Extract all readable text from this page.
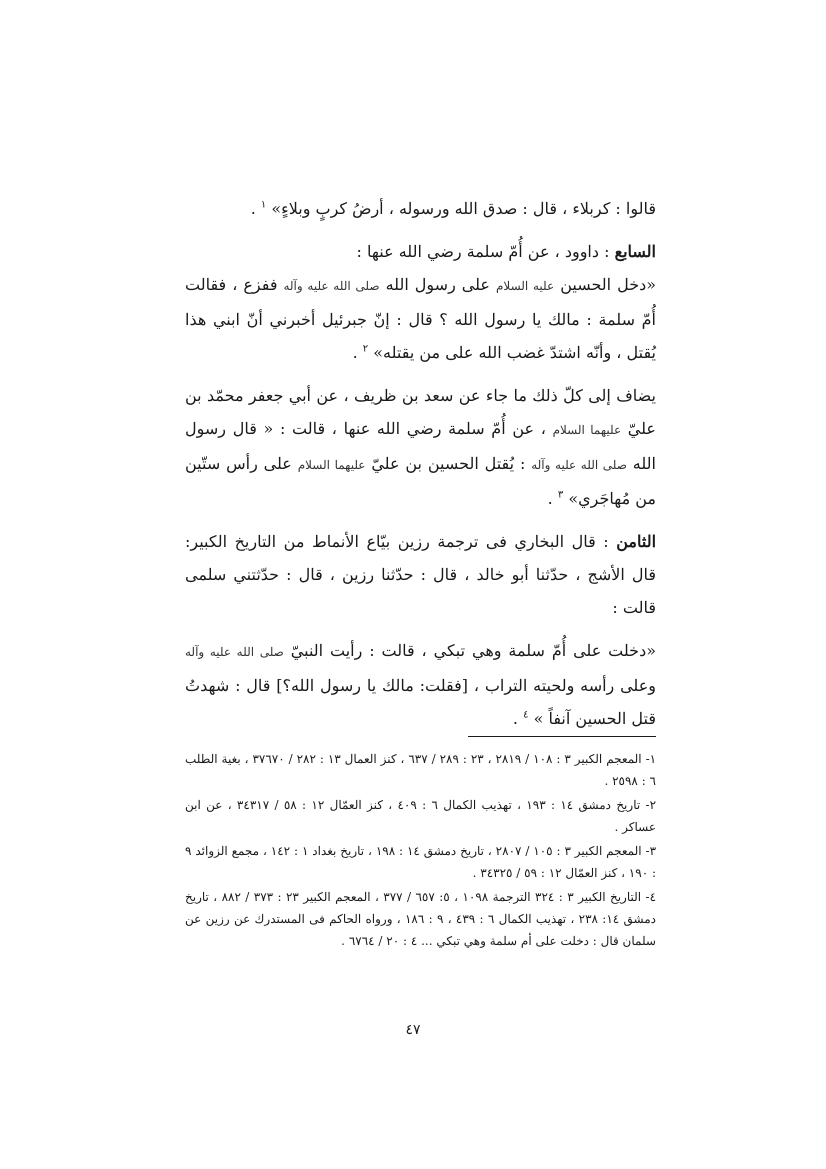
قالوا : كربلاء ، قال : صدق الله ورسوله ، أرضُ كربٍ وبلاءٍ» $^١$ .

السابع : داوود ، عن أُمّ سلمة رضي الله عنها :

«دخل الحسين عليه السلام على رسول الله صلى الله عليه وآله ففزع ، فقالت أُمّ سلمة : مالك يا رسول الله ؟ قال : إنّ جبرئيل أخبرني أنّ ابني هذا يُقتل ، وأنّه اشتدّ غضب الله على من يقتله» $^٢$ .

يضاف إلى كلّ ذلك ما جاء عن سعد بن ظريف ، عن أبي جعفر محمّد بن عليّ عليهما السلام ، عن أُمّ سلمة رضي الله عنها ، قالت : « قال رسول الله صلى الله عليه وآله : يُقتل الحسين بن عليّ عليهما السلام على رأس ستّين من مُهاجَري» $^٣$ .

الثامن : قال البخاري فى ترجمة رزين بيّاع الأنماط من التاريخ الكبير: قال الأشج ، حدّثنا أبو خالد ، قال : حدّثنا رزين ، قال : حدّثتني سلمى قالت :

«دخلت على أُمّ سلمة وهي تبكي ، قالت : رأيت النبيّ صلى الله عليه وآله وعلى رأسه ولحيته التراب ، [فقلت: مالك يا رسول الله؟] قال : شهدتُ قتل الحسين آنفاً » $^٤$ .

١- المعجم الكبير ٣ : ١٠٨ / ٢٨١٩ ، ٢٣ : ٢٨٩ / ٦٣٧ ، كنز العمال ١٣ : ٢٨٢ / ٣٧٦٧٠ ، بغية الطلب ٦ : ٢٥٩٨ .

٢- تاريخ دمشق ١٤ : ١٩٣ ، تهذيب الكمال ٦ : ٤٠٩ ، كنز العمّال ١٢ : ٥٨ / ٣٤٣١٧ ، عن ابن عساكر .

٣- المعجم الكبير ٣ : ١٠٥ / ٢٨٠٧ ، تاريخ دمشق ١٤ : ١٩٨ ، تاريخ بغداد ١ : ١٤٢ ، مجمع الزوائد ٩ : ١٩٠ ، كنز العمّال ١٢ : ٥٩ / ٣٤٣٢٥ .

٤- التاريخ الكبير ٣ : ٣٢٤ الترجمة ١٠٩٨ ، ٥: ٦٥٧ / ٣٧٧ ، المعجم الكبير ٢٣ : ٣٧٣ / ٨٨٢ ، تاريخ دمشق ١٤: ٢٣٨ ، تهذيب الكمال ٦ : ٤٣٩ ، ٩ : ١٨٦ ، ورواه الحاكم فى المستدرك عن رزين عن سلمان قال : دخلت على أم سلمة وهي تبكي ... ٤ : ٢٠ / ٦٧٦٤ .

٤٧
